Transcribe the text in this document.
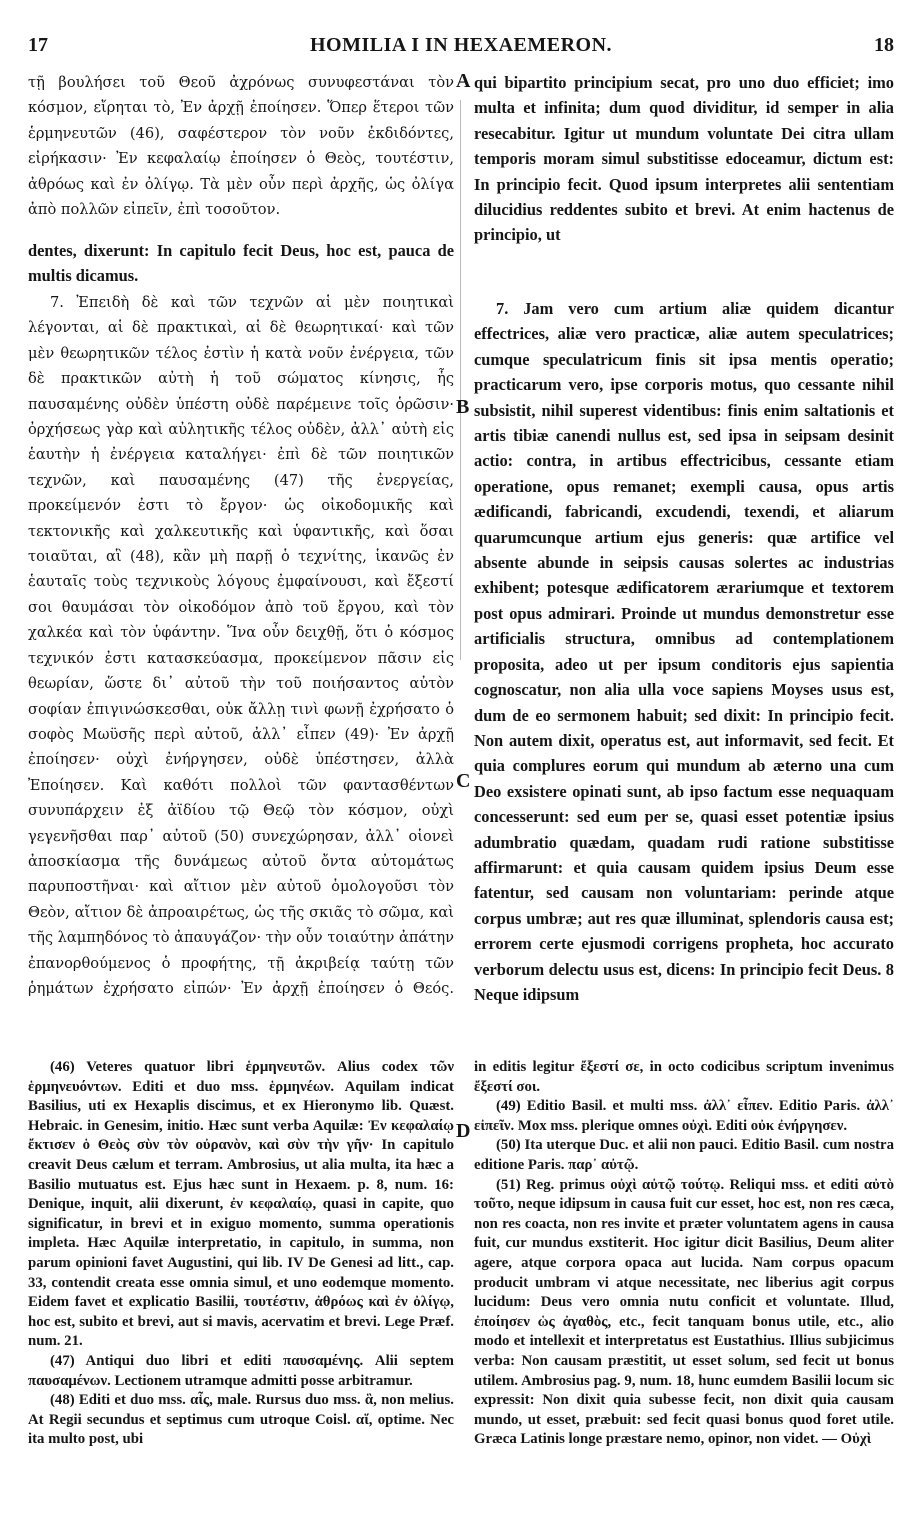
17	HOMILIA I IN HEXAEMERON.	18

τῇ βουλήσει τοῦ Θεοῦ ἀχρόνως συνυφεστάναι τὸν κόσμον, εἴρηται τὸ, Ἐν ἀρχῇ ἐποίησεν. Ὅπερ ἕτεροι τῶν ἑρμηνευτῶν (46), σαφέστερον τὸν νοῦν ἐκδιδόντες, εἰρήκασιν· Ἐν κεφαλαίῳ ἐποίησεν ὁ Θεὸς, τουτέστιν, ἀθρόως καὶ ἐν ὀλίγῳ. Τὰ μὲν οὖν περὶ ἀρχῆς, ὡς ὀλίγα ἀπὸ πολλῶν εἰπεῖν, ἐπὶ τοσοῦτον.

dentes, dixerunt: In capitulo fecit Deus, hoc est, pauca de multis dicamus.

7. Ἐπειδὴ δὲ καὶ τῶν τεχνῶν αἱ μὲν ποιητικαὶ λέγονται, αἱ δὲ πρακτικαὶ, αἱ δὲ θεωρητικαί· καὶ τῶν μὲν θεωρητικῶν τέλος ἐστὶν ἡ κατὰ νοῦν ἐνέργεια, τῶν δὲ πρακτικῶν αὐτὴ ἡ τοῦ σώματος κίνησις, ἧς παυσαμένης οὐδὲν ὑπέστη οὐδὲ παρέμεινε τοῖς ὁρῶσιν· ὀρχήσεως γὰρ καὶ αὐλητικῆς τέλος οὐδὲν, ἀλλ᾽ αὐτὴ εἰς ἑαυτὴν ἡ ἐνέργεια καταλήγει· ἐπὶ δὲ τῶν ποιητικῶν τεχνῶν, καὶ παυσαμένης (47) τῆς ἐνεργείας, προκείμενόν ἐστι τὸ ἔργον· ὡς οἰκοδομικῆς καὶ τεκτονικῆς καὶ χαλκευτικῆς καὶ ὑφαντικῆς, καὶ ὅσαι τοιαῦται, αἳ (48), κἂν μὴ παρῇ ὁ τεχνίτης, ἱκανῶς ἐν ἑαυταῖς τοὺς τεχνικοὺς λόγους ἐμφαίνουσι, καὶ ἔξεστί σοι θαυμάσαι τὸν οἰκοδόμον ἀπὸ τοῦ ἔργου, καὶ τὸν χαλκέα καὶ τὸν ὑφάντην. Ἵνα οὖν δειχθῇ, ὅτι ὁ κόσμος τεχνικόν ἐστι κατασκεύασμα, προκείμενον πᾶσιν εἰς θεωρίαν, ὥστε δι᾽ αὐτοῦ τὴν τοῦ ποιήσαντος αὐτὸν σοφίαν ἐπιγινώσκεσθαι, οὐκ ἄλλῃ τινὶ φωνῇ ἐχρήσατο ὁ σοφὸς Μωϋσῆς περὶ αὐτοῦ, ἀλλ᾽ εἶπεν (49)· Ἐν ἀρχῇ ἐποίησεν· οὐχὶ ἐνήργησεν, οὐδὲ ὑπέστησεν, ἀλλὰ Ἐποίησεν. Καὶ καθότι πολλοὶ τῶν φαντασθέντων συνυπάρχειν ἐξ ἀϊδίου τῷ Θεῷ τὸν κόσμον, οὐχὶ γεγενῆσθαι παρ᾽ αὐτοῦ (50) συνεχώρησαν, ἀλλ᾽ οἱονεὶ ἀποσκίασμα τῆς δυνάμεως αὐτοῦ ὄντα αὐτομάτως παρυποστῆναι· καὶ αἴτιον μὲν αὐτοῦ ὁμολογοῦσι τὸν Θεὸν, αἴτιον δὲ ἀπροαιρέτως, ὡς τῆς σκιᾶς τὸ σῶμα, καὶ τῆς λαμπηδόνος τὸ ἀπαυγάζον· τὴν οὖν τοιαύτην ἀπάτην ἐπανορθούμενος ὁ προφήτης, τῇ ἀκριβείᾳ ταύτῃ τῶν ῥημάτων ἐχρήσατο εἰπών· Ἐν ἀρχῇ ἐποίησεν ὁ Θεός.

qui bipartito principium secat, pro uno duo efficiet; imo multa et infinita; dum quod dividitur, id semper in alia resecabitur. Igitur ut mundum voluntate Dei citra ullam temporis moram simul substitisse edoceamur, dictum est: In principio fecit. Quod ipsum interpretes alii sententiam dilucidius reddentes subito et brevi. At enim hactenus de principio, ut

7. Jam vero cum artium aliæ quidem dicantur effectrices, aliæ vero practicæ, aliæ autem speculatrices; cumque speculatricum finis sit ipsa mentis operatio; practicarum vero, ipse corporis motus, quo cessante nihil subsistit, nihil superest videntibus: finis enim saltationis et artis tibiæ canendi nullus est, sed ipsa in seipsam desinit actio: contra, in artibus effectricibus, cessante etiam operatione, opus remanet; exempli causa, opus artis ædificandi, fabricandi, excudendi, texendi, et aliarum quarumcunque artium ejus generis: quæ artifice vel absente abunde in seipsis causas solertes ac industrias exhibent; potesque ædificatorem ærariumque et textorem post opus admirari. Proinde ut mundus demonstretur esse artificialis structura, omnibus ad contemplationem proposita, adeo ut per ipsum conditoris ejus sapientia cognoscatur, non alia ulla voce sapiens Moyses usus est, dum de eo sermonem habuit; sed dixit: In principio fecit. Non autem dixit, operatus est, aut informavit, sed fecit. Et quia complures eorum qui mundum ab æterno una cum Deo exsistere opinati sunt, ab ipso factum esse nequaquam concesserunt: sed eum per se, quasi esset potentiæ ipsius adumbratio quædam, quadam rudi ratione substitisse affirmarunt: et quia causam quidem ipsius Deum esse fatentur, sed causam non voluntariam: perinde atque corpus umbræ; aut res quæ illuminat, splendoris causa est; errorem certe ejusmodi corrigens propheta, hoc accurato verborum delectu usus est, dicens: In principio fecit Deus. 8 Neque idipsum

A
B
C
D

(46) Veteres quatuor libri ἑρμηνευτῶν. Alius codex τῶν ἑρμηνευόντων. Editi et duo mss. ἑρμηνέων. Aquilam indicat Basilius, uti ex Hexaplis discimus, et ex Hieronymo lib. Quæst. Hebraic. in Genesim, initio. Hæc sunt verba Aquilæ: Ἐν κεφαλαίῳ ἔκτισεν ὁ Θεὸς σὺν τὸν οὐρανὸν, καὶ σὺν τὴν γῆν· In capitulo creavit Deus cælum et terram. Ambrosius, ut alia multa, ita hæc a Basilio mutuatus est. Ejus hæc sunt in Hexaem. p. 8, num. 16: Denique, inquit, alii dixerunt, ἐν κεφαλαίῳ, quasi in capite, quo significatur, in brevi et in exiguo momento, summa operationis impleta. Hæc Aquilæ interpretatio, in capitulo, in summa, non parum opinioni favet Augustini, qui lib. IV De Genesi ad litt., cap. 33, contendit creata esse omnia simul, et uno eodemque momento. Eidem favet et explicatio Basilii, τουτέστιν, ἀθρόως καὶ ἐν ὀλίγῳ, hoc est, subito et brevi, aut si mavis, acervatim et brevi. Lege Præf. num. 21.

(47) Antiqui duo libri et editi παυσαμένης. Alii septem παυσαμένων. Lectionem utramque admitti posse arbitramur.

(48) Editi et duo mss. αἷς, male. Rursus duo mss. ἃ, non melius. At Regii secundus et septimus cum utroque Coisl. αἵ, optime. Nec ita multo post, ubi

in editis legitur ἔξεστί σε, in octo codicibus scriptum invenimus ἔξεστί σοι.

(49) Editio Basil. et multi mss. ἀλλ᾽ εἶπεν. Editio Paris. ἀλλ᾽ εἰπεῖν. Mox mss. plerique omnes οὐχὶ. Editi οὐκ ἐνήργησεν.

(50) Ita uterque Duc. et alii non pauci. Editio Basil. cum nostra editione Paris. παρ᾽ αὐτῷ.

(51) Reg. primus οὐχὶ αὐτῷ τούτῳ. Reliqui mss. et editi αὐτὸ τοῦτο, neque idipsum in causa fuit cur esset, hoc est, non res cæca, non res coacta, non res invite et præter voluntatem agens in causa fuit, cur mundus exstiterit. Hoc igitur dicit Basilius, Deum aliter agere, atque corpora opaca aut lucida. Nam corpus opacum producit umbram vi atque necessitate, nec liberius agit corpus lucidum: Deus vero omnia nutu conficit et voluntate. Illud, ἐποίησεν ὡς ἀγαθὸς, etc., fecit tanquam bonus utile, etc., alio modo et intellexit et interpretatus est Eustathius. Illius subjicimus verba: Non causam præstitit, ut esset solum, sed fecit ut bonus utilem. Ambrosius pag. 9, num. 18, hunc eumdem Basilii locum sic expressit: Non dixit quia subesse fecit, non dixit quia causam mundo, ut esset, præbuit: sed fecit quasi bonus quod foret utile. Græca Latinis longe præstare nemo, opinor, non videt. — Οὐχὶ
